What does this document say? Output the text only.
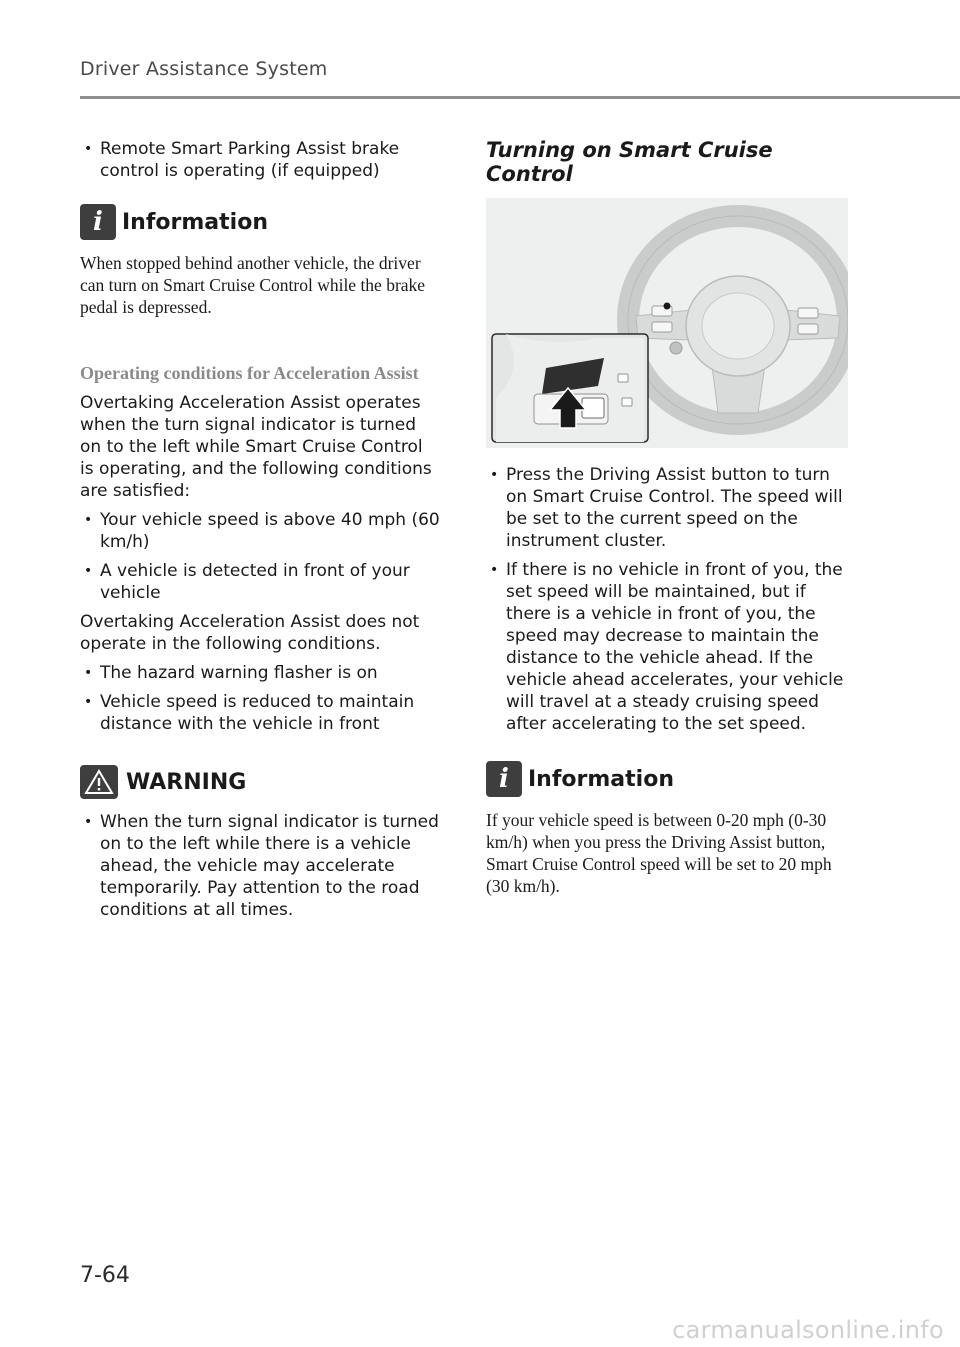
Driver Assistance System
• Remote Smart Parking Assist brake control is operating (if equipped)
i Information
When stopped behind another vehicle, the driver can turn on Smart Cruise Control while the brake pedal is depressed.
Operating conditions for Acceleration Assist
Overtaking Acceleration Assist operates when the turn signal indicator is turned on to the left while Smart Cruise Control is operating, and the following conditions are satisfied:
• Your vehicle speed is above 40 mph (60 km/h)
• A vehicle is detected in front of your vehicle
Overtaking Acceleration Assist does not operate in the following conditions.
• The hazard warning flasher is on
• Vehicle speed is reduced to maintain distance with the vehicle in front
WARNING
• When the turn signal indicator is turned on to the left while there is a vehicle ahead, the vehicle may accelerate temporarily. Pay attention to the road conditions at all times.
Turning on Smart Cruise Control
• Press the Driving Assist button to turn on Smart Cruise Control. The speed will be set to the current speed on the instrument cluster.
• If there is no vehicle in front of you, the set speed will be maintained, but if there is a vehicle in front of you, the speed may decrease to maintain the distance to the vehicle ahead. If the vehicle ahead accelerates, your vehicle will travel at a steady cruising speed after accelerating to the set speed.
i Information
If your vehicle speed is between 0-20 mph (0-30 km/h) when you press the Driving Assist button, Smart Cruise Control speed will be set to 20 mph (30 km/h).
7-64
carmanualsonline.info
